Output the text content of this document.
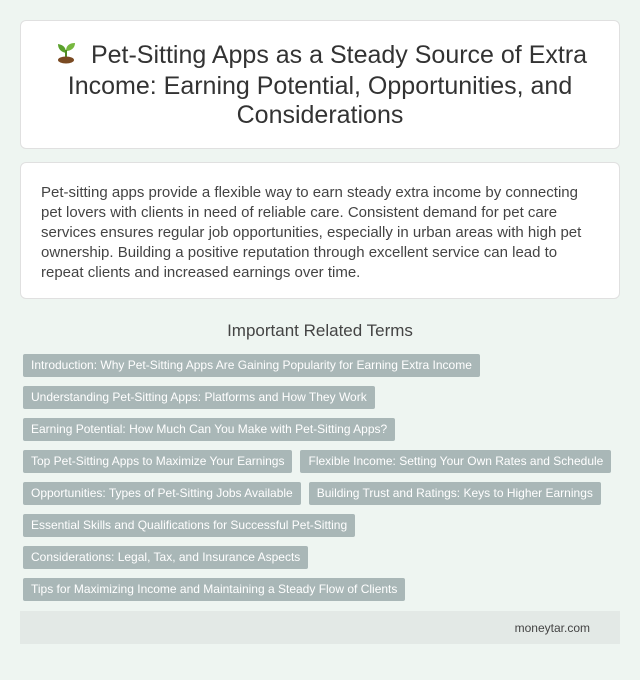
Pet-Sitting Apps as a Steady Source of Extra Income: Earning Potential, Opportunities, and Considerations

Pet-sitting apps provide a flexible way to earn steady extra income by connecting pet lovers with clients in need of reliable care. Consistent demand for pet care services ensures regular job opportunities, especially in urban areas with high pet ownership. Building a positive reputation through excellent service can lead to repeat clients and increased earnings over time.

Important Related Terms
Introduction: Why Pet-Sitting Apps Are Gaining Popularity for Earning Extra Income
Understanding Pet-Sitting Apps: Platforms and How They Work
Earning Potential: How Much Can You Make with Pet-Sitting Apps?
Top Pet-Sitting Apps to Maximize Your Earnings	Flexible Income: Setting Your Own Rates and Schedule
Opportunities: Types of Pet-Sitting Jobs Available	Building Trust and Ratings: Keys to Higher Earnings
Essential Skills and Qualifications for Successful Pet-Sitting
Considerations: Legal, Tax, and Insurance Aspects
Tips for Maximizing Income and Maintaining a Steady Flow of Clients
moneytar.com
